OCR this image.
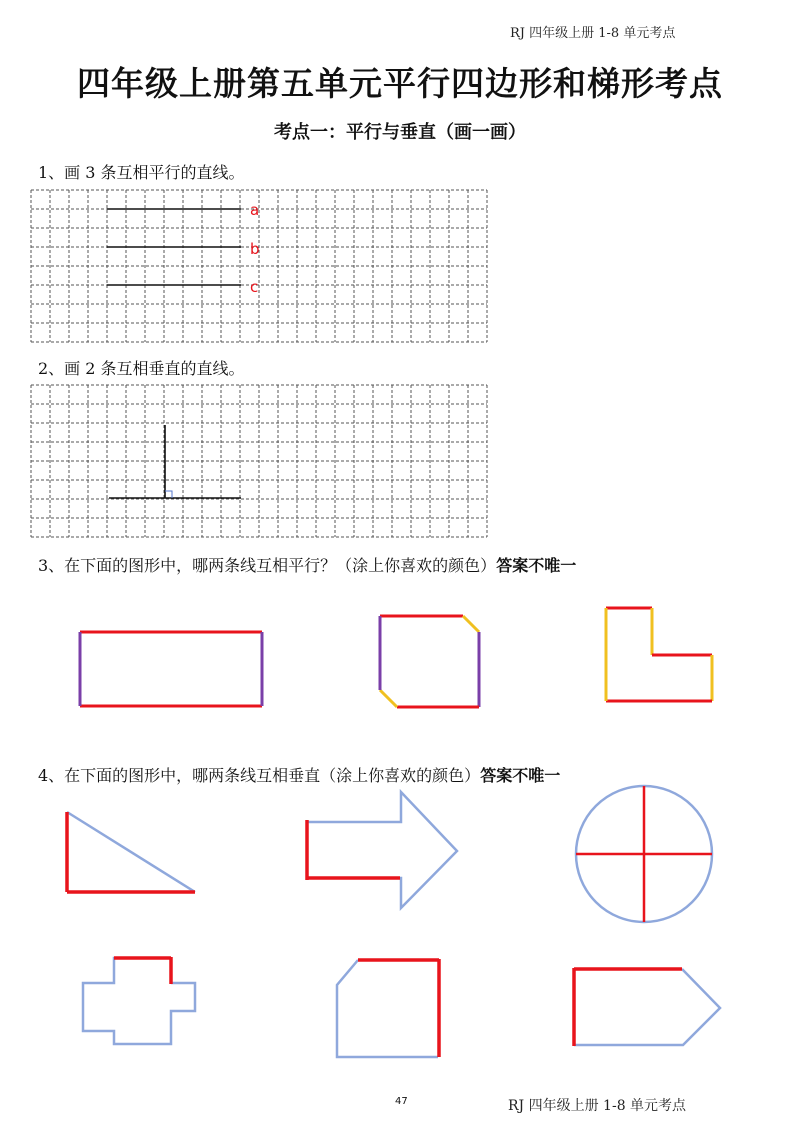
RJ 四年级上册 1-8 单元考点
四年级上册第五单元平行四边形和梯形考点
考点一：平行与垂直（画一画）
1、画 3 条互相平行的直线。
a
b
c
2、画 2 条互相垂直的直线。
3、在下面的图形中，哪两条线互相平行？（涂上你喜欢的颜色）答案不唯一
4、在下面的图形中，哪两条线互相垂直（涂上你喜欢的颜色）答案不唯一
47	RJ 四年级上册 1-8 单元考点
